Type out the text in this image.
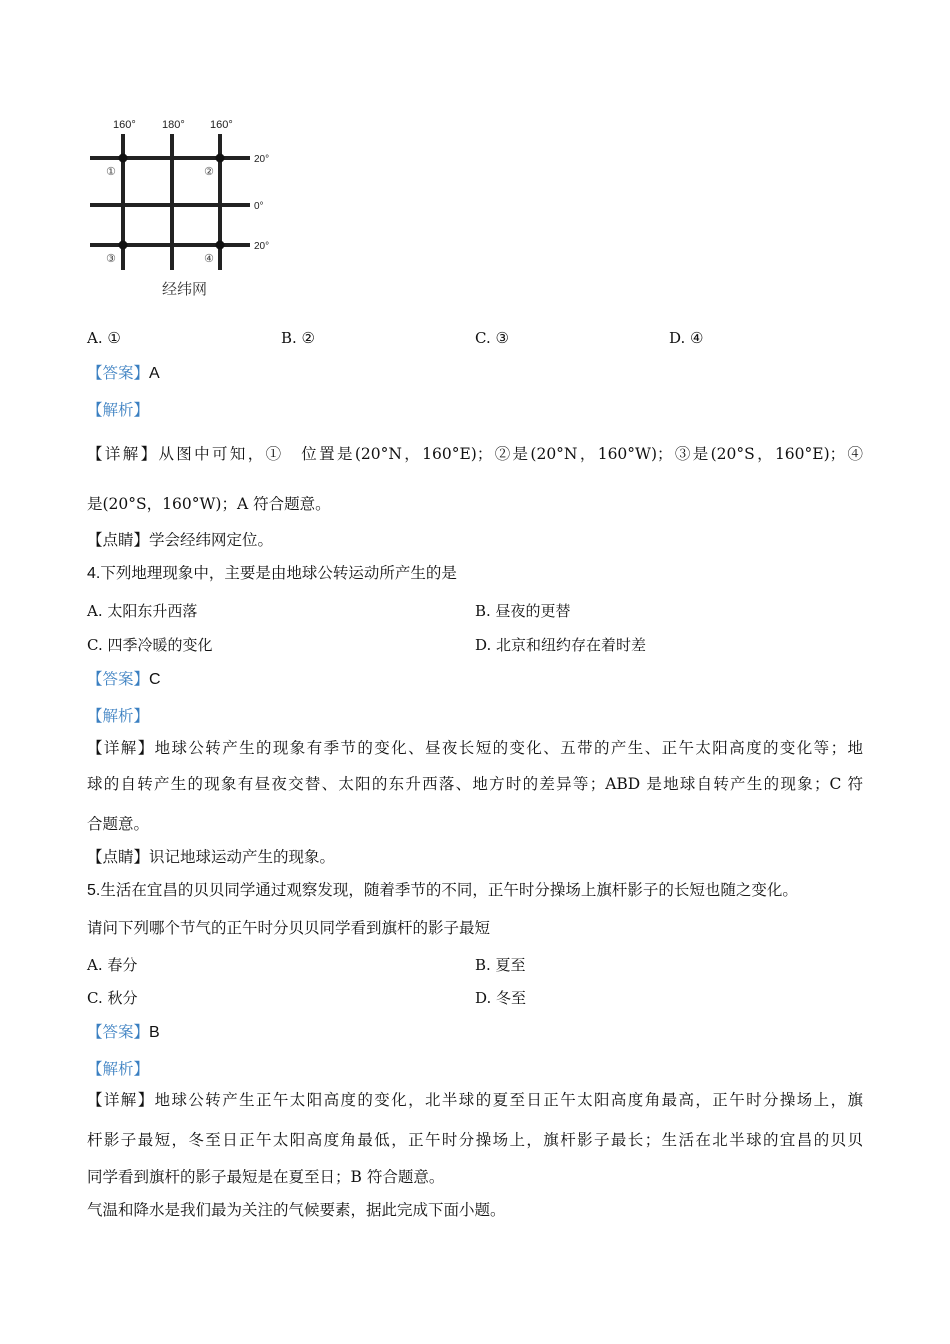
160° 180° 160°
20°
0°
20°
①	②
③	④
经纬网
A. ①	B. ②	C. ③	D. ④
【答案】A
【解析】
【详解】从图中可知，①　位置是(20°N，160°E)；②是(20°N，160°W)；③是(20°S，160°E)；④
是(20°S，160°W)；A 符合题意。
【点睛】学会经纬网定位。
4.下列地理现象中，主要是由地球公转运动所产生的是
A. 太阳东升西落	B. 昼夜的更替
C. 四季冷暖的变化	D. 北京和纽约存在着时差
【答案】C
【解析】
【详解】地球公转产生的现象有季节的变化、昼夜长短的变化、五带的产生、正午太阳高度的变化等；地
球的自转产生的现象有昼夜交替、太阳的东升西落、地方时的差异等；ABD 是地球自转产生的现象；C 符
合题意。
【点睛】识记地球运动产生的现象。
5.生活在宜昌的贝贝同学通过观察发现，随着季节的不同，正午时分操场上旗杆影子的长短也随之变化。
请问下列哪个节气的正午时分贝贝同学看到旗杆的影子最短
A. 春分	B. 夏至
C. 秋分	D. 冬至
【答案】B
【解析】
【详解】地球公转产生正午太阳高度的变化，北半球的夏至日正午太阳高度角最高，正午时分操场上，旗
杆影子最短，冬至日正午太阳高度角最低，正午时分操场上，旗杆影子最长；生活在北半球的宜昌的贝贝
同学看到旗杆的影子最短是在夏至日；B 符合题意。
气温和降水是我们最为关注的气候要素，据此完成下面小题。
